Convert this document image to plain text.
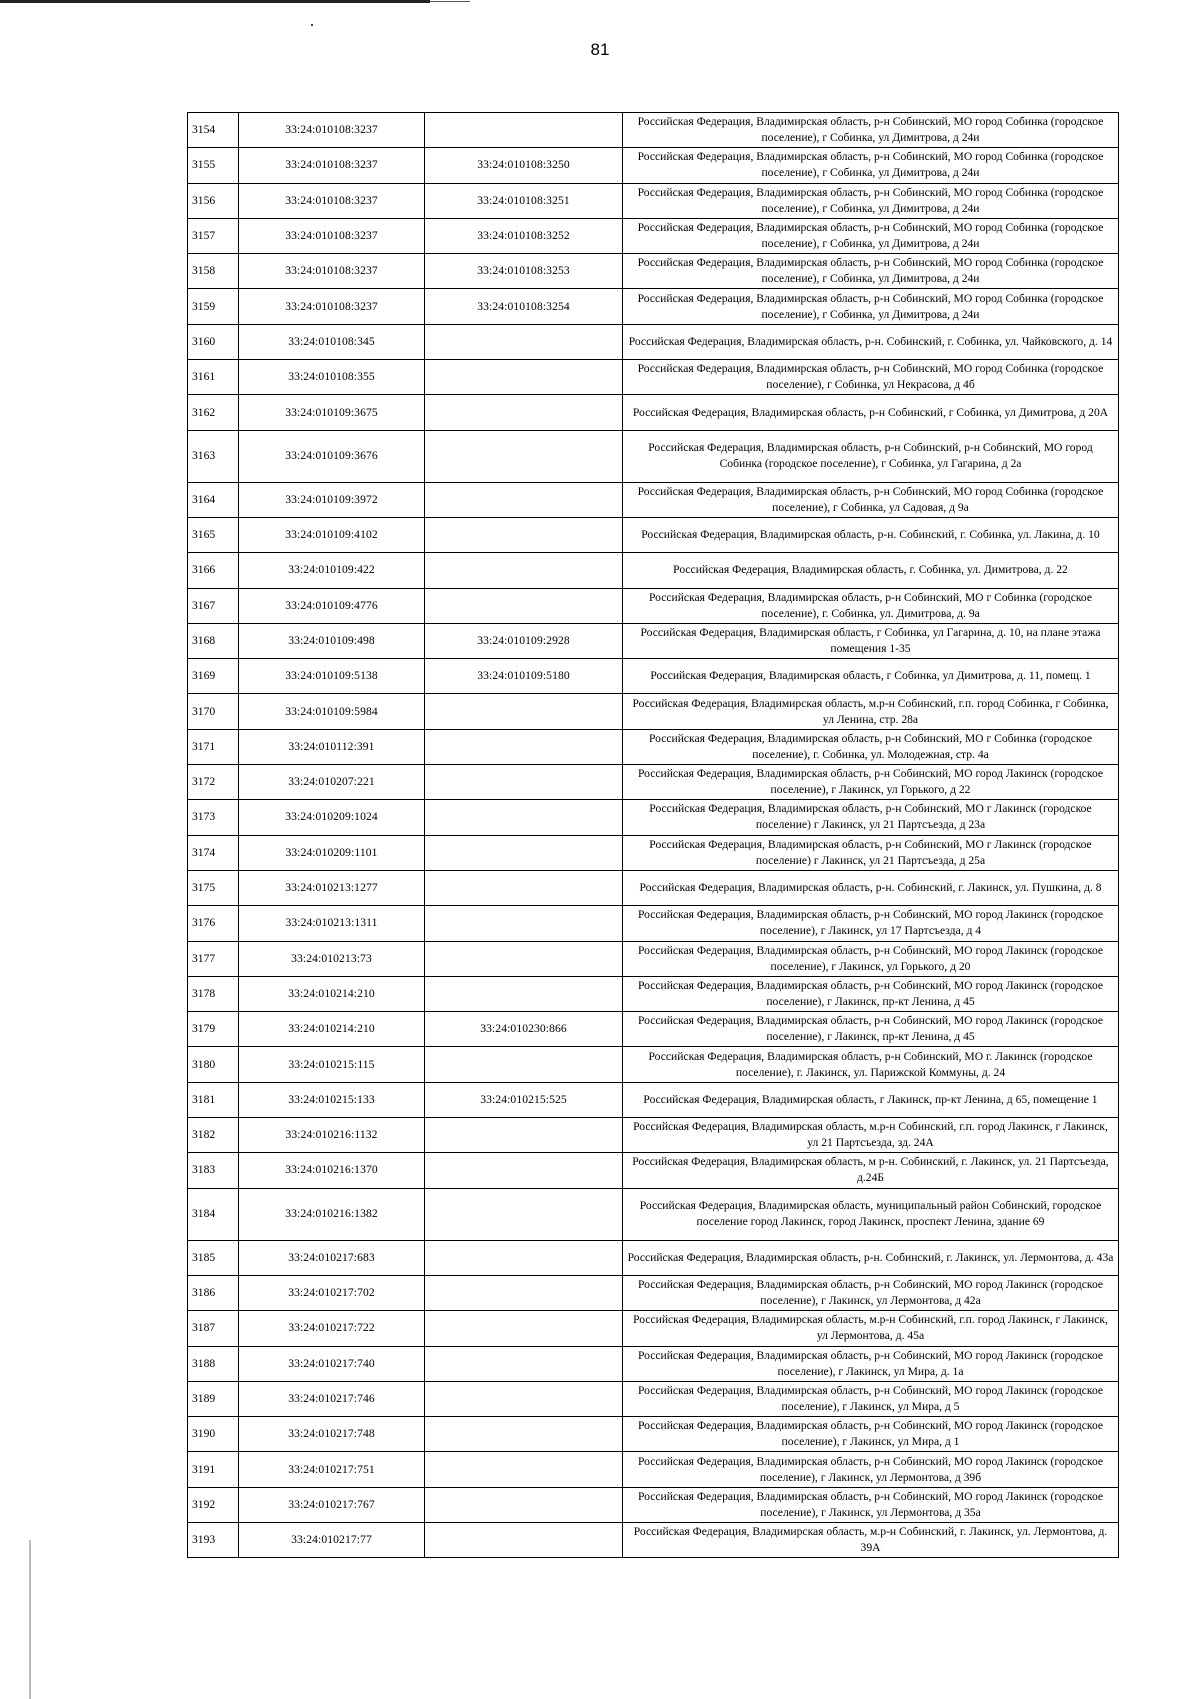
81
3154	33:24:010108:3237		Российская Федерация, Владимирская область, р-н Собинский, МО город Собинка (городское поселение), г Собинка, ул Димитрова, д 24и
3155	33:24:010108:3237	33:24:010108:3250	Российская Федерация, Владимирская область, р-н Собинский, МО город Собинка (городское поселение), г Собинка, ул Димитрова, д 24и
3156	33:24:010108:3237	33:24:010108:3251	Российская Федерация, Владимирская область, р-н Собинский, МО город Собинка (городское поселение), г Собинка, ул Димитрова, д 24и
3157	33:24:010108:3237	33:24:010108:3252	Российская Федерация, Владимирская область, р-н Собинский, МО город Собинка (городское поселение), г Собинка, ул Димитрова, д 24и
3158	33:24:010108:3237	33:24:010108:3253	Российская Федерация, Владимирская область, р-н Собинский, МО город Собинка (городское поселение), г Собинка, ул Димитрова, д 24и
3159	33:24:010108:3237	33:24:010108:3254	Российская Федерация, Владимирская область, р-н Собинский, МО город Собинка (городское поселение), г Собинка, ул Димитрова, д 24и
3160	33:24:010108:345		Российская Федерация, Владимирская область, р-н. Собинский, г. Собинка, ул. Чайковского, д. 14
3161	33:24:010108:355		Российская Федерация, Владимирская область, р-н Собинский, МО город Собинка (городское поселение), г Собинка, ул Некрасова, д 4б
3162	33:24:010109:3675		Российская Федерация, Владимирская область, р-н Собинский, г Собинка, ул Димитрова, д 20А
3163	33:24:010109:3676		Российская Федерация, Владимирская область, р-н Собинский, р-н Собинский, МО город Собинка (городское поселение), г Собинка, ул Гагарина, д 2а
3164	33:24:010109:3972		Российская Федерация, Владимирская область, р-н Собинский, МО город Собинка (городское поселение), г Собинка, ул Садовая, д 9а
3165	33:24:010109:4102		Российская Федерация, Владимирская область, р-н. Собинский, г. Собинка, ул. Лакина, д. 10
3166	33:24:010109:422		Российская Федерация, Владимирская область, г. Собинка, ул. Димитрова, д. 22
3167	33:24:010109:4776		Российская Федерация, Владимирская область, р-н Собинский, МО г Собинка (городское поселение), г. Собинка, ул. Димитрова, д. 9а
3168	33:24:010109:498	33:24:010109:2928	Российская Федерация, Владимирская область, г Собинка, ул Гагарина, д. 10, на плане этажа помещения 1-35
3169	33:24:010109:5138	33:24:010109:5180	Российская Федерация, Владимирская область, г Собинка, ул Димитрова, д. 11, помещ. 1
3170	33:24:010109:5984		Российская Федерация, Владимирская область, м.р-н Собинский, г.п. город Собинка, г Собинка, ул Ленина, стр. 28а
3171	33:24:010112:391		Российская Федерация, Владимирская область, р-н Собинский, МО г Собинка (городское поселение), г. Собинка, ул. Молодежная, стр. 4а
3172	33:24:010207:221		Российская Федерация, Владимирская область, р-н Собинский, МО город Лакинск (городское поселение), г Лакинск, ул Горького, д 22
3173	33:24:010209:1024		Российская Федерация, Владимирская область, р-н Собинский, МО г Лакинск (городское поселение) г Лакинск, ул 21 Партсъезда, д 23а
3174	33:24:010209:1101		Российская Федерация, Владимирская область, р-н Собинский, МО г Лакинск (городское поселение) г Лакинск, ул 21 Партсъезда, д 25а
3175	33:24:010213:1277		Российская Федерация, Владимирская область, р-н. Собинский, г. Лакинск, ул. Пушкина, д. 8
3176	33:24:010213:1311		Российская Федерация, Владимирская область, р-н Собинский, МО город Лакинск (городское поселение), г Лакинск, ул 17 Партсъезда, д 4
3177	33:24:010213:73		Российская Федерация, Владимирская область, р-н Собинский, МО город Лакинск (городское поселение), г Лакинск, ул Горького, д 20
3178	33:24:010214:210		Российская Федерация, Владимирская область, р-н Собинский, МО город Лакинск (городское поселение), г Лакинск, пр-кт Ленина, д 45
3179	33:24:010214:210	33:24:010230:866	Российская Федерация, Владимирская область, р-н Собинский, МО город Лакинск (городское поселение), г Лакинск, пр-кт Ленина, д 45
3180	33:24:010215:115		Российская Федерация, Владимирская область, р-н Собинский, МО г. Лакинск (городское поселение), г. Лакинск, ул. Парижской Коммуны, д. 24
3181	33:24:010215:133	33:24:010215:525	Российская Федерация, Владимирская область, г Лакинск, пр-кт Ленина, д 65, помещение 1
3182	33:24:010216:1132		Российская Федерация, Владимирская область, м.р-н Собинский, г.п. город Лакинск, г Лакинск, ул 21 Партсъезда, зд. 24А
3183	33:24:010216:1370		Российская Федерация, Владимирская область, м р-н. Собинский, г. Лакинск, ул. 21 Партсъезда, д.24Б
3184	33:24:010216:1382		Российская Федерация, Владимирская область, муниципальный район Собинский, городское поселение город Лакинск, город Лакинск, проспект Ленина, здание 69
3185	33:24:010217:683		Российская Федерация, Владимирская область, р-н. Собинский, г. Лакинск, ул. Лермонтова, д. 43а
3186	33:24:010217:702		Российская Федерация, Владимирская область, р-н Собинский, МО город Лакинск (городское поселение), г Лакинск, ул Лермонтова, д 42а
3187	33:24:010217:722		Российская Федерация, Владимирская область, м.р-н Собинский, г.п. город Лакинск, г Лакинск, ул Лермонтова, д. 45а
3188	33:24:010217:740		Российская Федерация, Владимирская область, р-н Собинский, МО город Лакинск (городское поселение), г Лакинск, ул Мира, д. 1а
3189	33:24:010217:746		Российская Федерация, Владимирская область, р-н Собинский, МО город Лакинск (городское поселение), г Лакинск, ул Мира, д 5
3190	33:24:010217:748		Российская Федерация, Владимирская область, р-н Собинский, МО город Лакинск (городское поселение), г Лакинск, ул Мира, д 1
3191	33:24:010217:751		Российская Федерация, Владимирская область, р-н Собинский, МО город Лакинск (городское поселение), г Лакинск, ул Лермонтова, д 39б
3192	33:24:010217:767		Российская Федерация, Владимирская область, р-н Собинский, МО город Лакинск (городское поселение), г Лакинск, ул Лермонтова, д 35а
3193	33:24:010217:77		Российская Федерация, Владимирская область, м.р-н Собинский, г. Лакинск, ул. Лермонтова, д. 39А
